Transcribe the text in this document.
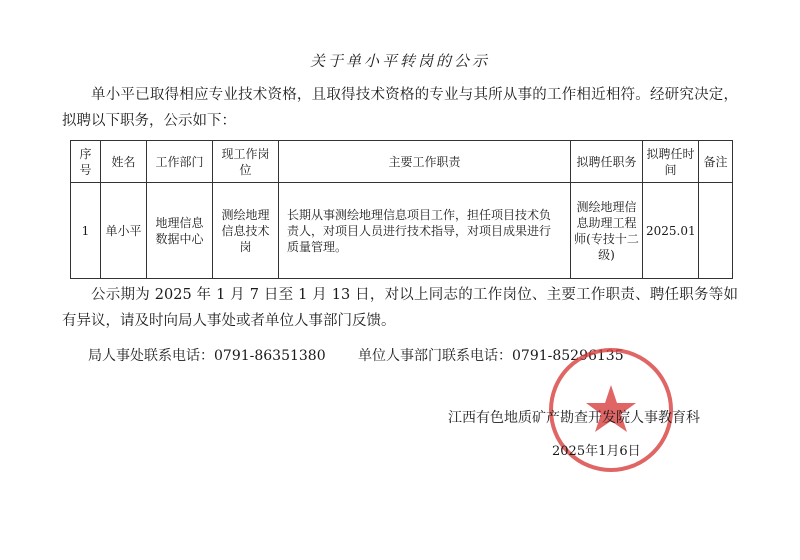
关于单小平转岗的公示
单小平已取得相应专业技术资格，且取得技术资格的专业与其所从事的工作相近相符。经研究决定，拟聘以下职务，公示如下：
序号	姓名	工作部门	现工作岗位	主要工作职责	拟聘任职务	拟聘任时间	备注
1	单小平	地理信息数据中心	测绘地理信息技术岗	长期从事测绘地理信息项目工作，担任项目技术负责人，对项目人员进行技术指导，对项目成果进行质量管理。	测绘地理信息助理工程师(专技十二级)	2025.01	
公示期为 2025 年 1 月 7 日至 1 月 13 日，对以上同志的工作岗位、主要工作职责、聘任职务等如有异议，请及时向局人事处或者单位人事部门反馈。
局人事处联系电话：0791-86351380 单位人事部门联系电话：0791-85296135
江西有色地质矿产勘查开发院人事教育科
2025年1月6日
